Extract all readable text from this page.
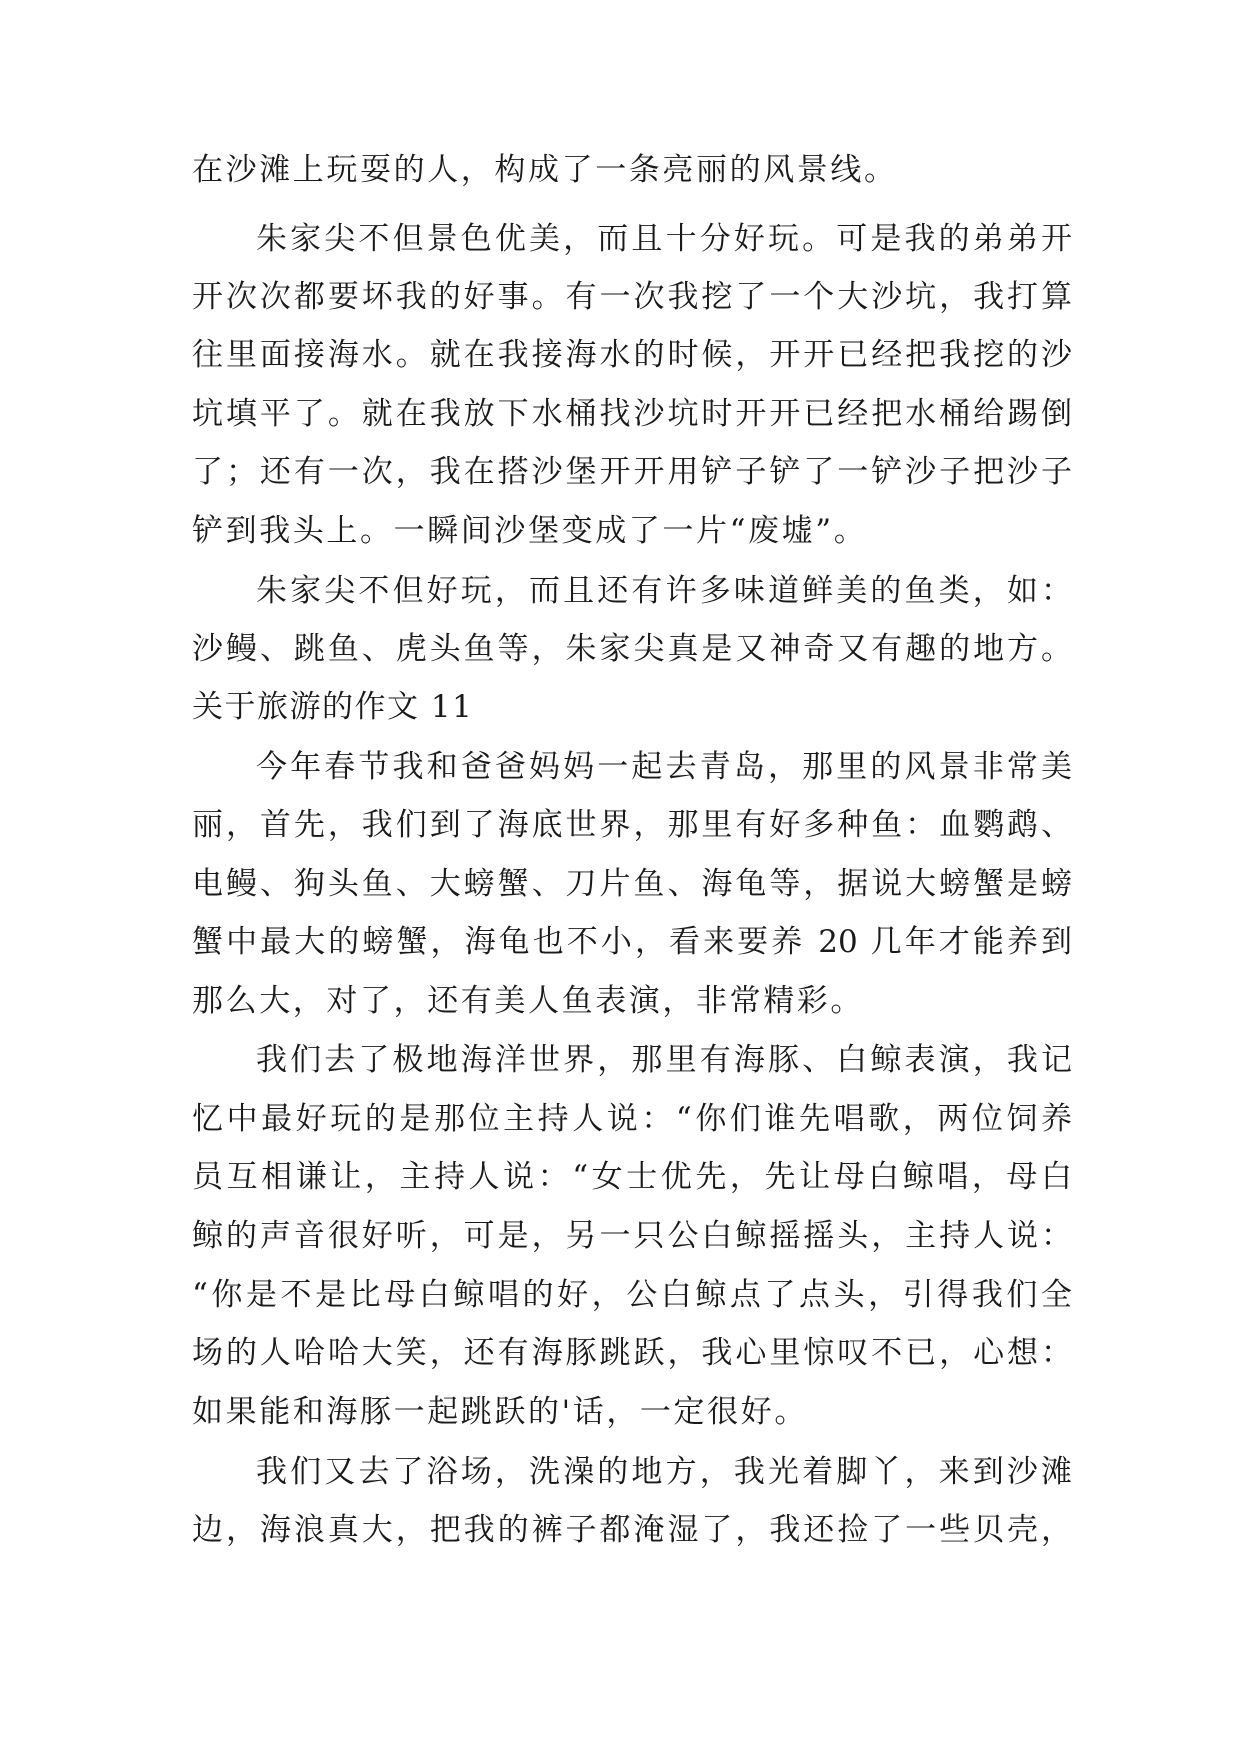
在沙滩上玩耍的人，构成了一条亮丽的风景线。
朱家尖不但景色优美，而且十分好玩。可是我的弟弟开
开次次都要坏我的好事。有一次我挖了一个大沙坑，我打算
往里面接海水。就在我接海水的时候，开开已经把我挖的沙
坑填平了。就在我放下水桶找沙坑时开开已经把水桶给踢倒
了；还有一次，我在搭沙堡开开用铲子铲了一铲沙子把沙子
铲到我头上。一瞬间沙堡变成了一片“废墟”。
朱家尖不但好玩，而且还有许多味道鲜美的鱼类，如：
沙鳗、跳鱼、虎头鱼等，朱家尖真是又神奇又有趣的地方。
关于旅游的作文 11
今年春节我和爸爸妈妈一起去青岛，那里的风景非常美
丽，首先，我们到了海底世界，那里有好多种鱼：血鹦鹉、
电鳗、狗头鱼、大螃蟹、刀片鱼、海龟等，据说大螃蟹是螃
蟹中最大的螃蟹，海龟也不小，看来要养 20 几年才能养到
那么大，对了，还有美人鱼表演，非常精彩。
我们去了极地海洋世界，那里有海豚、白鲸表演，我记
忆中最好玩的是那位主持人说：“你们谁先唱歌，两位饲养
员互相谦让，主持人说：“女士优先，先让母白鲸唱，母白
鲸的声音很好听，可是，另一只公白鲸摇摇头，主持人说：
“你是不是比母白鲸唱的好，公白鲸点了点头，引得我们全
场的人哈哈大笑，还有海豚跳跃，我心里惊叹不已，心想：
如果能和海豚一起跳跃的'话，一定很好。
我们又去了浴场，洗澡的地方，我光着脚丫，来到沙滩
边，海浪真大，把我的裤子都淹湿了，我还捡了一些贝壳，
